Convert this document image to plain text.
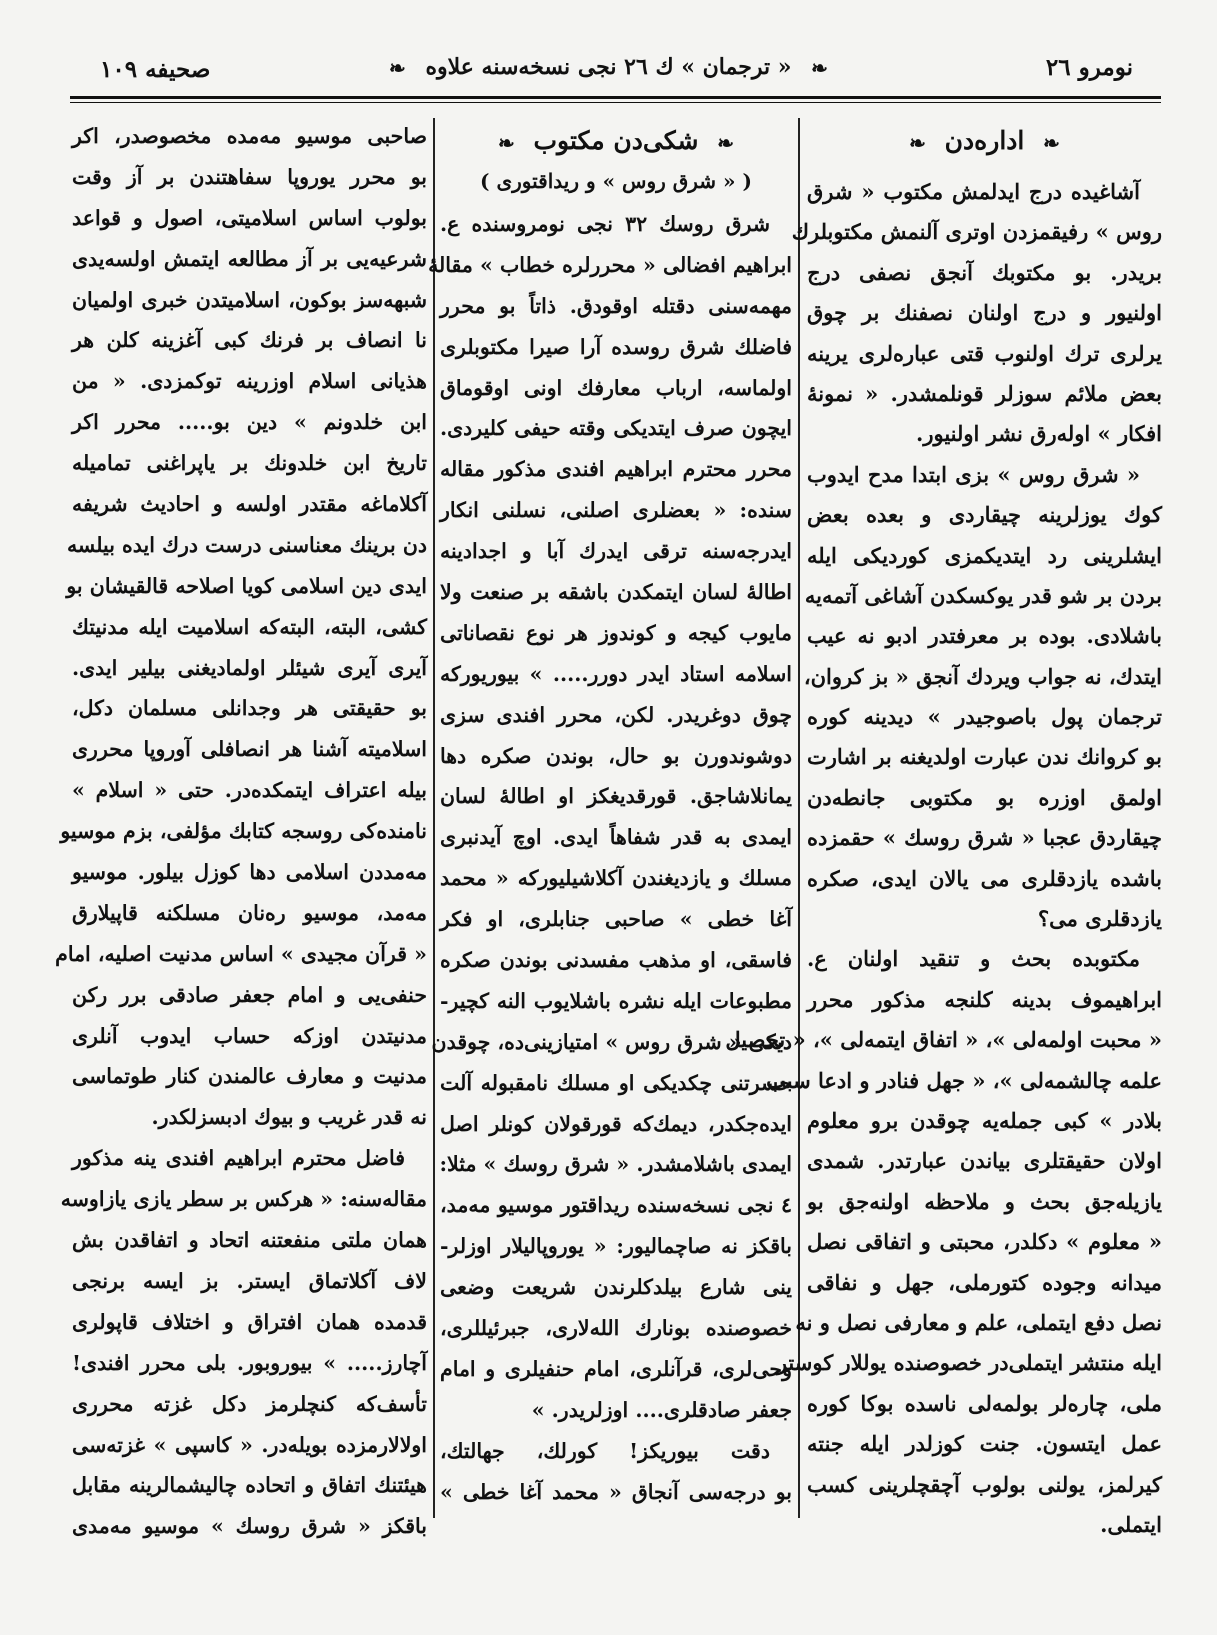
صحیفه ١٠٩	❧ « ترجمان » ك ٢٦ نجی نسخه‌سنه علاوه ❧	نومرو ٢٦
❧ اداره‌دن ❧
آشاغیده درج ایدلمش مکتوب « شرق
روس » رفیقمزدن اوتری آلنمش مکتوبلرك
بریدر. بو مکتوبك آنجق نصفی درج
اولنیور و درج اولنان نصفنك بر چوق
یرلری ترك اولنوب قتی عباره‌لری یرینه
بعض ملائم سوزلر قونلمشدر. « نمونهٔ
افکار » اوله‌رق نشر اولنیور.
« شرق روس » بزی ابتدا مدح ایدوب
کوك یوزلرینه چیقاردی و بعده بعض
ایشلرینی رد ایتدیکمزی کوردیکی ایله
بردن بر شو قدر یوکسکدن آشاغی آتمه‌یه
باشلادی. بوده بر معرفتدر ادبو نه عیب
ایتدك، نه جواب ویردك آنجق « بز کروان،
ترجمان پول باصوجیدر » دیدینه کوره
بو کروانك ندن عبارت اولدیغنه بر اشارت
اولمق اوزره بو مکتوبی جانطه‌دن
چیقاردق عجبا « شرق روسك » حقمزده
باشده یازدقلری می یالان ایدی، صکره
یازدقلری می؟
مکتوبده بحث و تنقید اولنان ع.
ابراهیموف بدینه کلنجه مذکور محرر
« محبت اولمه‌لی »، « اتفاق ایتمه‌لی »، « تحصیل
علمه چالشمه‌لی »، « جهل فنادر و ادعا سبب
بلادر » کبی جمله‌یه چوقدن برو معلوم
اولان حقیقتلری بیاندن عبارتدر. شمدی
یازیله‌جق بحث و ملاحظه اولنه‌جق بو
« معلوم » دکلدر، محبتی و اتفاقی نصل
میدانه وجوده کتورملی، جهل و نفاقی
نصل دفع ایتملی، علم و معارفی نصل و نه
ایله منتشر ایتملی‌در خصوصنده یوللار کوستر
ملی، چاره‌لر بولمه‌لی ناسده بوکا کوره
عمل ایتسون. جنت کوزلدر ایله جنته
کیرلمز، یولنی بولوب آچقچلرینی کسب
ایتملی.
❧ شکی‌دن مکتوب ❧
( « شرق روس » و ریداقتوری )
شرق روسك ٣٢ نجی نومروسنده ع.
ابراهیم افضالی « محررلره خطاب » مقالهٔ
مهمه‌سنی دقتله اوقودق. ذاتاً بو محرر
فاضلك شرق روسده آرا صیرا مکتوبلری
اولماسه، ارباب معارفك اونی اوقوماق
ایچون صرف ایتدیکی وقته حیفی کلیردی.
محرر محترم ابراهیم افندی مذکور مقاله
سنده: « بعضلری اصلنی، نسلنی انکار
ایدرجه‌سنه ترقی ایدرك آبا و اجدادینه
اطالهٔ لسان ایتمکدن باشقه بر صنعت ولا
مایوب کیجه و کوندوز هر نوع نقصاناتی
اسلامه استاد ایدر دورر..... » بیوریورکه
چوق دوغریدر. لکن، محرر افندی سزی
دوشوندورن بو حال، بوندن صکره دها
یمانلاشاجق. قورقدیغکز او اطالهٔ لسان
ایمدی به قدر شفاهاً ایدی. اوچ آیدنبری
مسلك و یازدیغندن آکلاشیلیورکه « محمد
آغا خطی » صاحبی جنابلری، او فکر
فاسقی، او مذهب مفسدنی بوندن صکره
مطبوعات ایله نشره باشلایوب النه کچیر-
دیکی « شرق روس » امتیازینی‌ده، چوقدن
حسرتنی چکدیکی او مسلك نامقبوله آلت
ایده‌جکدر، دیمك‌كه قورقولان کونلر اصل
ایمدی باشلامشدر. « شرق روسك » مثلا:
٤ نجی نسخه‌سنده ریداقتور موسیو مه‌مد،
باقکز نه صاچمالیور: « یوروپالیلار اوزلر-
ینی شارع بیلدکلرندن شریعت وضعی
خصوصنده بونارك الله‌لاری، جبرئیللری،
وحی‌لری، قرآنلری، امام حنفیلری و امام
جعفر صادقلری.... اوزلریدر. »
دقت بیوریکز! کورلك، جهالتك،
بو درجه‌سی آنجاق « محمد آغا خطی »
صاحبی موسیو مه‌مده مخصوصدر، اکر
بو محرر یوروپا سفاهتندن بر آز وقت
بولوب اساس اسلامیتی، اصول و قواعد
شرعیه‌یی بر آز مطالعه ایتمش اولسه‌یدی
شبهه‌سز بوکون، اسلامیتدن خبری اولمیان
نا انصاف بر فرنك کبی آغزینه کلن هر
هذیانی اسلام اوزرینه توکمزدی. « من
ابن خلدونم » دین بو..... محرر اکر
تاریخ ابن خلدونك بر یاپراغنی تمامیله
آکلاماغه مقتدر اولسه و احادیث شریفه
دن برینك معناسنی درست درك ایده بیلسه
ایدی دین اسلامی کویا اصلاحه قالقیشان بو
کشی، البته، البته‌كه اسلامیت ایله مدنیتك
آیری آیری شیئلر اولمادیغنی بیلیر ایدی.
بو حقیقتی هر وجدانلی مسلمان دکل،
اسلامیته آشنا هر انصافلی آوروپا محرری
بیله اعتراف ایتمکده‌در. حتی « اسلام »
نامنده‌کی روسجه کتابك مؤلفی، بزم موسیو
مه‌مددن اسلامی دها کوزل بیلور. موسیو
مه‌مد، موسیو ره‌نان مسلکنه قاپیلارق
« قرآن مجیدی » اساس مدنیت اصلیه، امام
حنفی‌یی و امام جعفر صادقی برر رکن
مدنیتدن اوزکه حساب ایدوب آنلری
مدنیت و معارف عالمندن کنار طوتماسی
نه قدر غریب و بیوك ادبسزلکدر.
فاضل محترم ابراهیم افندی ینه مذکور
مقاله‌سنه: « هرکس بر سطر یازی یازاوسه
همان ملتی منفعتنه اتحاد و اتفاقدن بش
لاف آکلاتماق ایستر. بز ایسه برنجی
قدمده همان افتراق و اختلاف قاپولری
آچارز..... » بیوروبور. بلی محرر افندی!
تأسف‌كه کنچلرمز دکل غزته محرری
اولالارمزده بویله‌در. « کاسپی » غزته‌سی
هیئتنك اتفاق و اتحاده چالیشمالرینه مقابل
باقکز « شرق روسك » موسیو مه‌مدی
